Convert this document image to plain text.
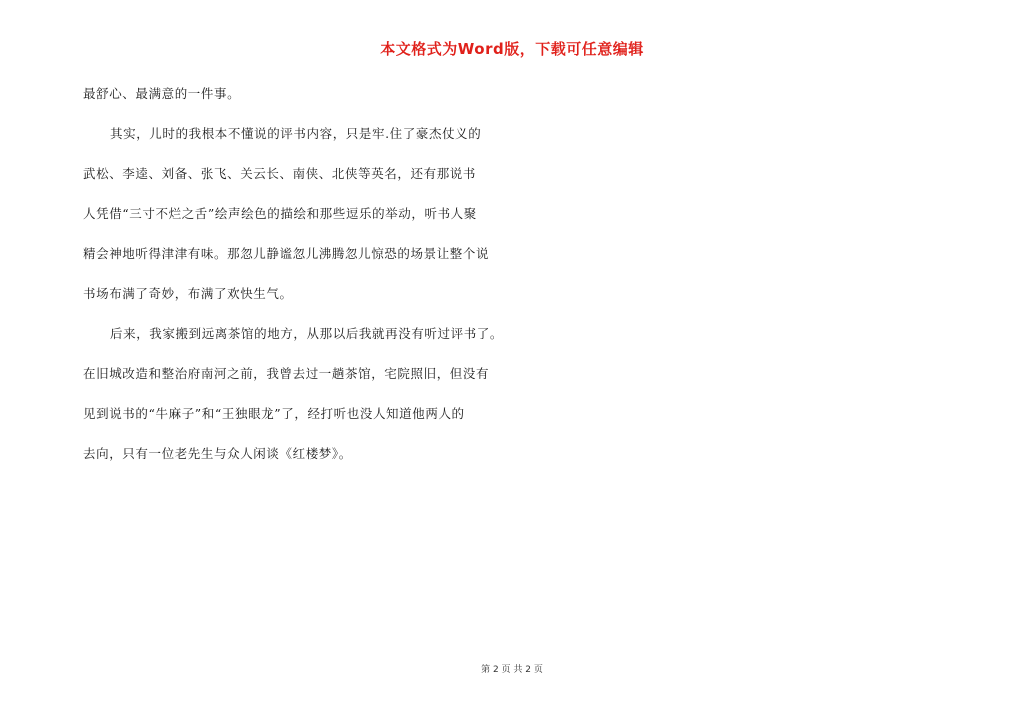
本文格式为Word版，下载可任意编辑
最舒心、最满意的一件事。
其实，儿时的我根本不懂说的评书内容，只是牢.住了豪杰仗义的
武松、李逵、刘备、张飞、关云长、南侠、北侠等英名，还有那说书
人凭借“三寸不烂之舌”绘声绘色的描绘和那些逗乐的举动，听书人聚
精会神地听得津津有味。那忽儿静谧忽儿沸腾忽儿惊恐的场景让整个说
书场布满了奇妙，布满了欢快生气。
后来，我家搬到远离茶馆的地方，从那以后我就再没有听过评书了。
在旧城改造和整治府南河之前，我曾去过一趟茶馆，宅院照旧，但没有
见到说书的“牛麻子”和“王独眼龙”了，经打听也没人知道他两人的
去向，只有一位老先生与众人闲谈《红楼梦》。
第 2 页 共 2 页
